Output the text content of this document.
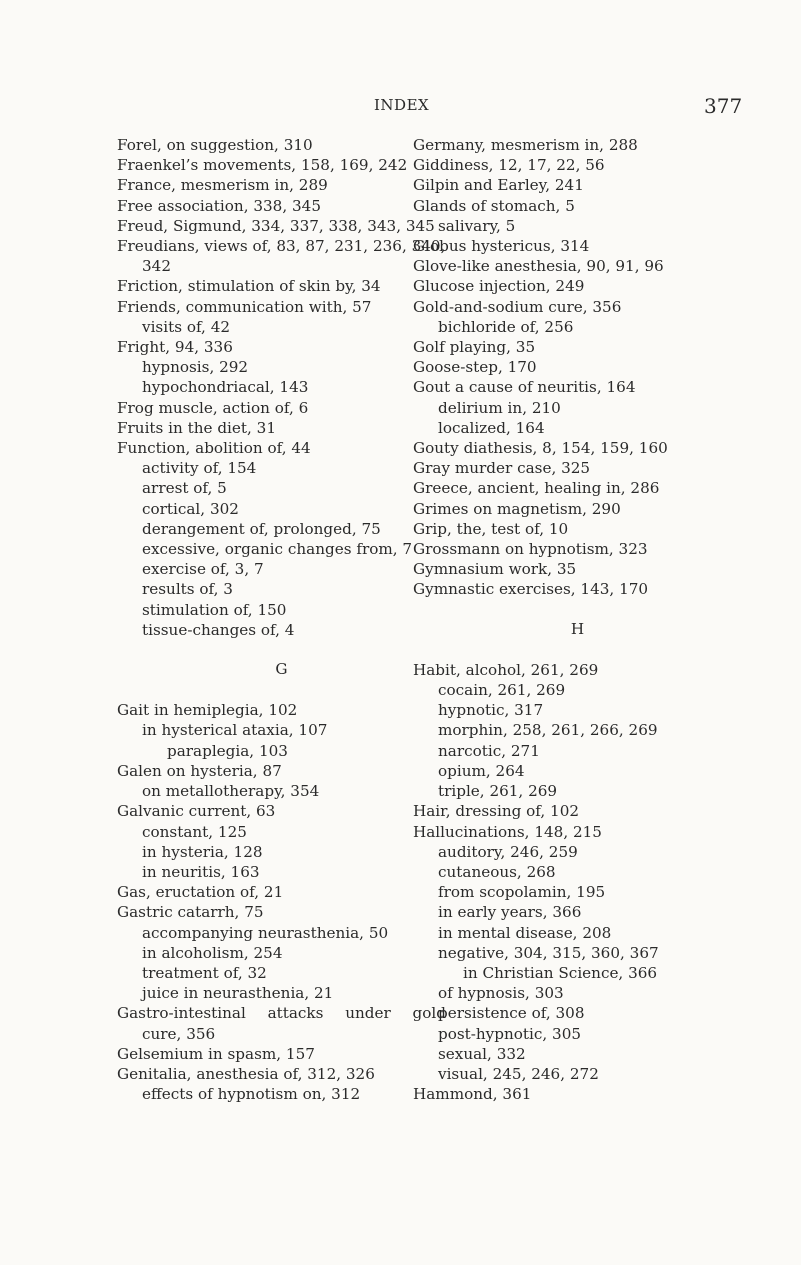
INDEX	377
Forel, on suggestion, 310
Fraenkel’s movements, 158, 169, 242
France, mesmerism in, 289
Free association, 338, 345
Freud, Sigmund, 334, 337, 338, 343, 345
Freudians, views of, 83, 87, 231, 236, 340,
342
Friction, stimulation of skin by, 34
Friends, communication with, 57
visits of, 42
Fright, 94, 336
hypnosis, 292
hypochondriacal, 143
Frog muscle, action of, 6
Fruits in the diet, 31
Function, abolition of, 44
activity of, 154
arrest of, 5
cortical, 302
derangement of, prolonged, 75
excessive, organic changes from, 7
exercise of, 3, 7
results of, 3
stimulation of, 150
tissue-changes of, 4
G
Gait in hemiplegia, 102
in hysterical ataxia, 107
paraplegia, 103
Galen on hysteria, 87
on metallotherapy, 354
Galvanic current, 63
constant, 125
in hysteria, 128
in neuritis, 163
Gas, eructation of, 21
Gastric catarrh, 75
accompanying neurasthenia, 50
in alcoholism, 254
treatment of, 32
juice in neurasthenia, 21
Gastro-intestinal attacks under gold
cure, 356
Gelsemium in spasm, 157
Genitalia, anesthesia of, 312, 326
effects of hypnotism on, 312
Germany, mesmerism in, 288
Giddiness, 12, 17, 22, 56
Gilpin and Earley, 241
Glands of stomach, 5
salivary, 5
Globus hystericus, 314
Glove-like anesthesia, 90, 91, 96
Glucose injection, 249
Gold-and-sodium cure, 356
bichloride of, 256
Golf playing, 35
Goose-step, 170
Gout a cause of neuritis, 164
delirium in, 210
localized, 164
Gouty diathesis, 8, 154, 159, 160
Gray murder case, 325
Greece, ancient, healing in, 286
Grimes on magnetism, 290
Grip, the, test of, 10
Grossmann on hypnotism, 323
Gymnasium work, 35
Gymnastic exercises, 143, 170
H
Habit, alcohol, 261, 269
cocain, 261, 269
hypnotic, 317
morphin, 258, 261, 266, 269
narcotic, 271
opium, 264
triple, 261, 269
Hair, dressing of, 102
Hallucinations, 148, 215
auditory, 246, 259
cutaneous, 268
from scopolamin, 195
in early years, 366
in mental disease, 208
negative, 304, 315, 360, 367
in Christian Science, 366
of hypnosis, 303
persistence of, 308
post-hypnotic, 305
sexual, 332
visual, 245, 246, 272
Hammond, 361
